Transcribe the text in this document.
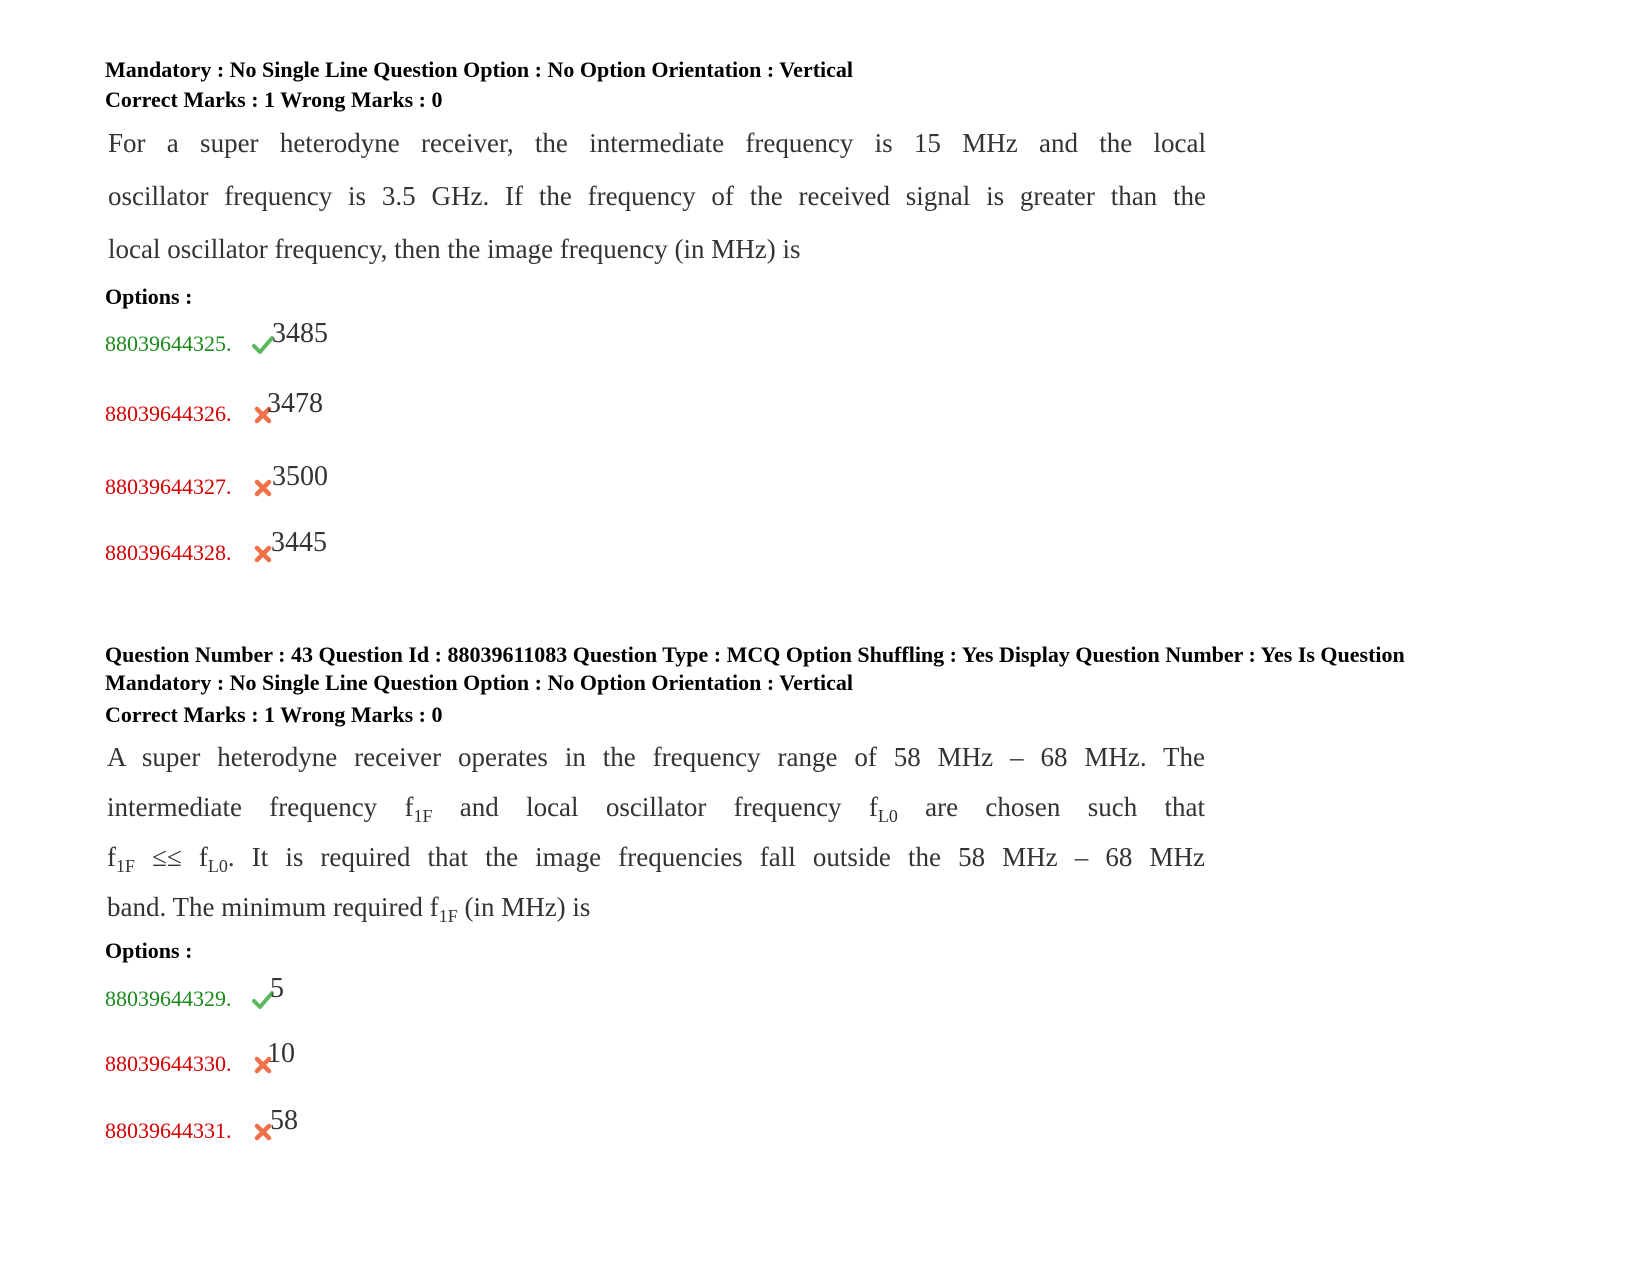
Mandatory : No Single Line Question Option : No Option Orientation : Vertical
Correct Marks : 1 Wrong Marks : 0

For a super heterodyne receiver, the intermediate frequency is 15 MHz and the local

oscillator frequency is 3.5 GHz. If the frequency of the received signal is greater than the

local oscillator frequency, then the image frequency (in MHz) is

Options :
88039644325. 3485
88039644326. 3478
88039644327. 3500
88039644328. 3445
Question Number : 43 Question Id : 88039611083 Question Type : MCQ Option Shuffling : Yes Display Question Number : Yes Is Question
Mandatory : No Single Line Question Option : No Option Orientation : Vertical
Correct Marks : 1 Wrong Marks : 0

A super heterodyne receiver operates in the frequency range of 58 MHz – 68 MHz. The

intermediate frequency $f_{1F}$ and local oscillator frequency $f_{L0}$ are chosen such that

$f_{1F} \le\le f_{L0}$. It is required that the image frequencies fall outside the 58 MHz – 68 MHz

band. The minimum required $f_{1F}$ (in MHz) is

Options :
88039644329. 5
88039644330. 10
88039644331. 58
